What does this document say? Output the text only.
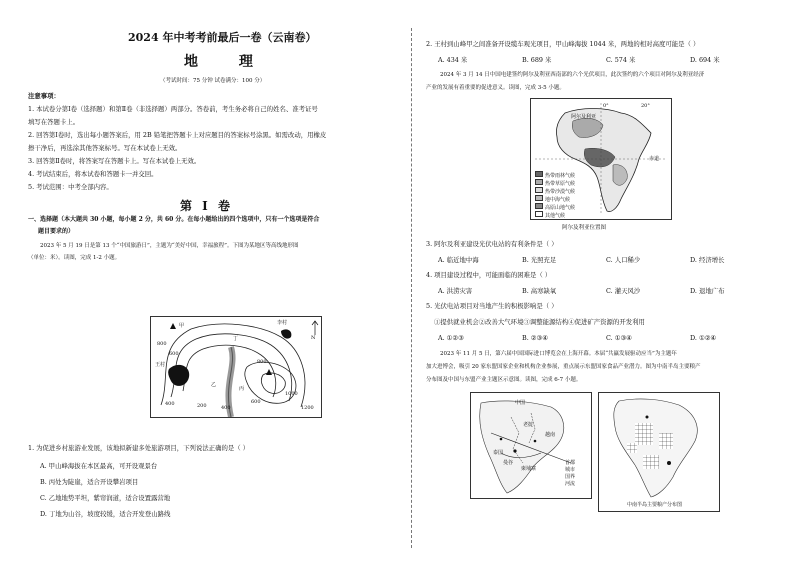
2024 年中考考前最后一卷（云南卷）
地 理
（考试时间：75 分钟 试卷满分：100 分）
注意事项：
1. 本试卷分第Ⅰ卷（选择题）和第Ⅱ卷（非选择题）两部分。答卷前，考生务必将自己的姓名、准考证号
填写在答题卡上。
2. 回答第Ⅰ卷时，选出每小题答案后，用 2B 铅笔把答题卡上对应题目的答案标号涂黑。如需改动，用橡皮
擦干净后，再选涂其他答案标号。写在本试卷上无效。
3. 回答第Ⅱ卷时，将答案写在答题卡上。写在本试卷上无效。
4. 考试结束后，将本试卷和答题卡一并交回。
5. 考试范围：中考全部内容。
第 Ⅰ 卷
一、选择题（本大题共 30 小题，每小题 2 分，共 60 分。在每小题给出的四个选项中，只有一个选项是符合
题目要求的）
2023 年 5 月 19 日是第 13 个“中国旅游日”，主题为“美好中国，幸福旅程”。下图为某地区等高线地形图
（单位：米）。读图，完成 1-2 小题。
甲
王村
李村
丁
乙
丙
N
600
800
400	200
1000
1200
600
800
400
1. 为促进乡村旅游业发展，该地拟新建多处旅游项目，下列说法正确的是（ ）
A. 甲山峰海拔在本区最高，可开设观景台
B. 丙处为陡崖，适合开设攀岩项目
C. 乙地地势平坦，紫帘润道，适合设置露营地
D. 丁地为山谷，坡度较缓，适合开发登山路线
2. 王村到山峰甲之间准备开设缆车观光项目，甲山峰海拔 1044 米，两地的相对高度可能是（ ）
A. 434 米	B. 689 米	C. 574 米	D. 694 米
2024 年 3 月 14 日中国电建签约阿尔及利亚西南部的六个光伏项目，此次签约的六个项目对阿尔及利亚经济
产业的发展有着重要的促进意义。读图，完成 3-5 小题。
阿尔及利亚
赤道
0°	20°
热带雨林气候
热带草原气候
热带沙漠气候
地中海气候
高原山地气候
其他气候
阿尔及利亚位置图
3. 阿尔及利亚建设光伏电站的有利条件是（ ）
A. 临近地中海	B. 光照充足	C. 人口稀少	D. 经济增长
4. 项目建设过程中，可能面临的困难是（ ）
A. 洪涝灾害	B. 高寒缺氧	C. 灌天风沙	D. 退地广布
5. 光伏电站项目对当地产生的积极影响是（ ）
①提供就业机会②改善大气环境③调整能源结构④促进矿产资源的开发利用
A. ①②③	B. ②③④	C. ①③④	D. ①②④
2023 年 11 月 5 日，第六届中国国际进口博览会在上海开幕。本届“共赢发展驱动应当”为主题年
加大进博会，吸引 20 家东盟国家企业和机构企业参展，重点展示东盟国家食品产业潜力。图为中南半岛主要粮产
分布图及中国与东盟产业主题区示意图。读图，完成 6-7 小题。
中国
老挝
泰国
越南
柬埔寨
曼谷	首都
城市
国界
河流
中南半岛主要粮产分布图
